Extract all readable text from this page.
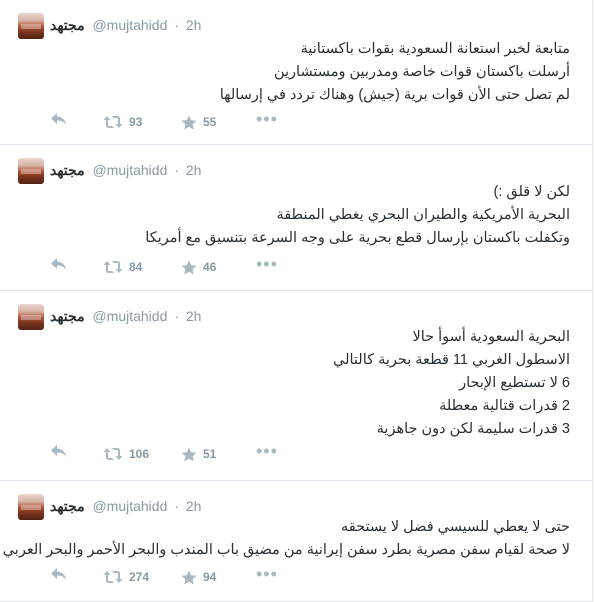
مجتهد @mujtahidd · 2h
متابعة لخبر استعانة السعودية بقوات باكستانية
أرسلت باكستان قوات خاصة ومدربين ومستشارين
لم تصل حتى الأن قوات برية (جيش) وهناك تردد في إرسالها
93	55 •••
مجتهد @mujtahidd · 2h
لكن لا قلق :)
البحرية الأمريكية والطيران البحري يغطي المنطقة
وتكفلت باكستان بإرسال قطع بحرية على وجه السرعة بتنسيق مع أمريكا
84	46 •••
مجتهد @mujtahidd · 2h
البحرية السعودية أسوأ حالا
الاسطول الغربي 11 قطعة بحرية كالتالي
6 لا تستطيع الإبحار
2 قدرات قتالية معطلة
3 قدرات سليمة لكن دون جاهزية
106	51 •••
مجتهد @mujtahidd · 2h
حتى لا يعطي للسيسي فضل لا يستحقه
لا صحة لقيام سفن مصرية بطرد سفن إيرانية من مضيق باب المندب والبحر الأحمر والبحر العربي
274	94 •••
